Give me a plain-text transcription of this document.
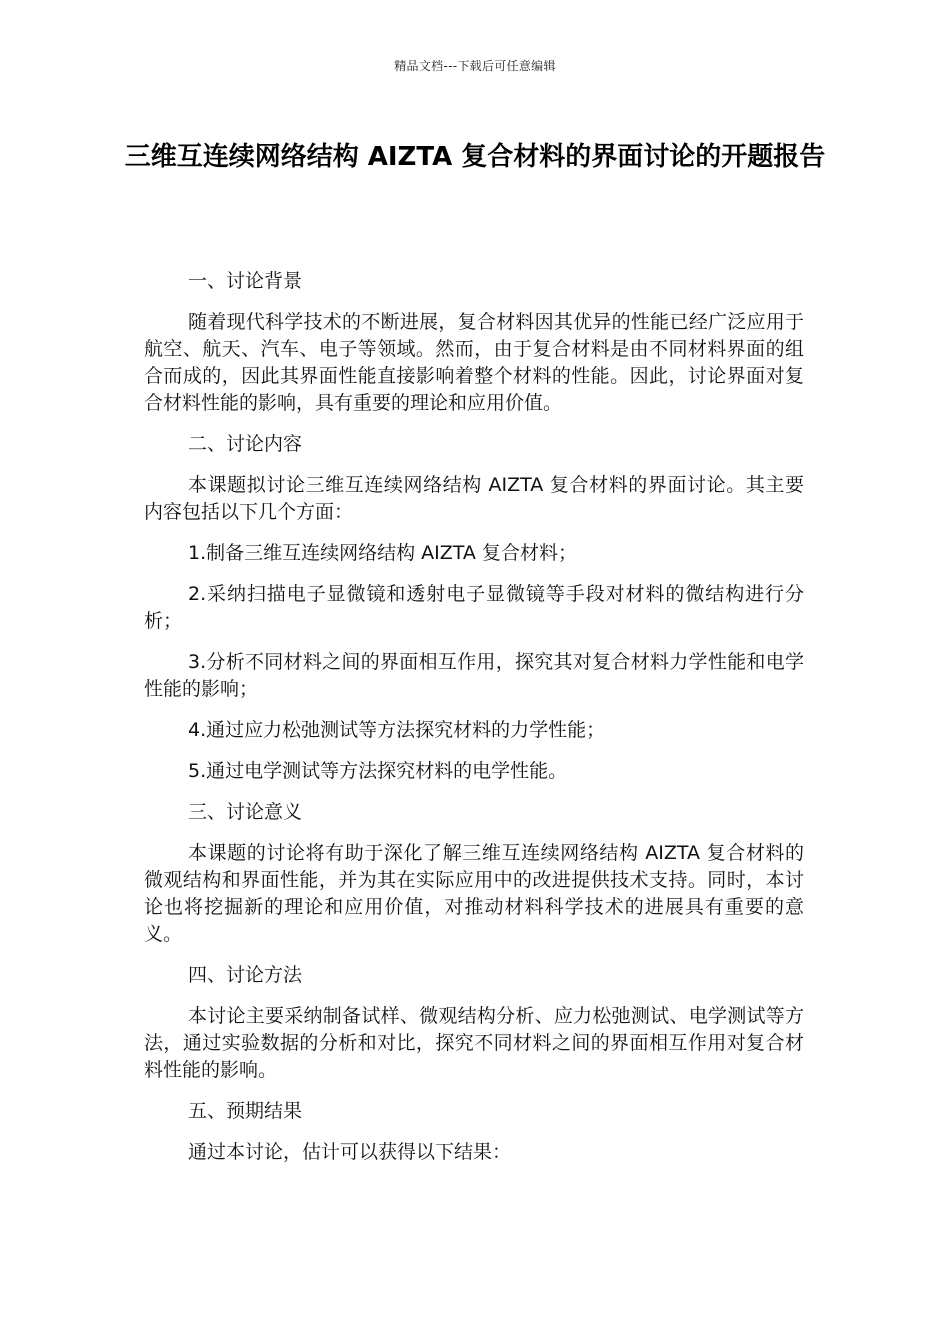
精品文档---下载后可任意编辑
三维互连续网络结构 AIZTA 复合材料的界面讨论的开题报告

一、讨论背景

随着现代科学技术的不断进展，复合材料因其优异的性能已经广泛应用于航空、航天、汽车、电子等领域。然而，由于复合材料是由不同材料界面的组合而成的，因此其界面性能直接影响着整个材料的性能。因此，讨论界面对复合材料性能的影响，具有重要的理论和应用价值。

二、讨论内容

本课题拟讨论三维互连续网络结构 AIZTA 复合材料的界面讨论。其主要内容包括以下几个方面：

1.制备三维互连续网络结构 AIZTA 复合材料；

2.采纳扫描电子显微镜和透射电子显微镜等手段对材料的微结构进行分析；

3.分析不同材料之间的界面相互作用，探究其对复合材料力学性能和电学性能的影响；

4.通过应力松弛测试等方法探究材料的力学性能；

5.通过电学测试等方法探究材料的电学性能。

三、讨论意义

本课题的讨论将有助于深化了解三维互连续网络结构 AIZTA 复合材料的微观结构和界面性能，并为其在实际应用中的改进提供技术支持。同时，本讨论也将挖掘新的理论和应用价值，对推动材料科学技术的进展具有重要的意义。

四、讨论方法

本讨论主要采纳制备试样、微观结构分析、应力松弛测试、电学测试等方法，通过实验数据的分析和对比，探究不同材料之间的界面相互作用对复合材料性能的影响。

五、预期结果

通过本讨论，估计可以获得以下结果：
